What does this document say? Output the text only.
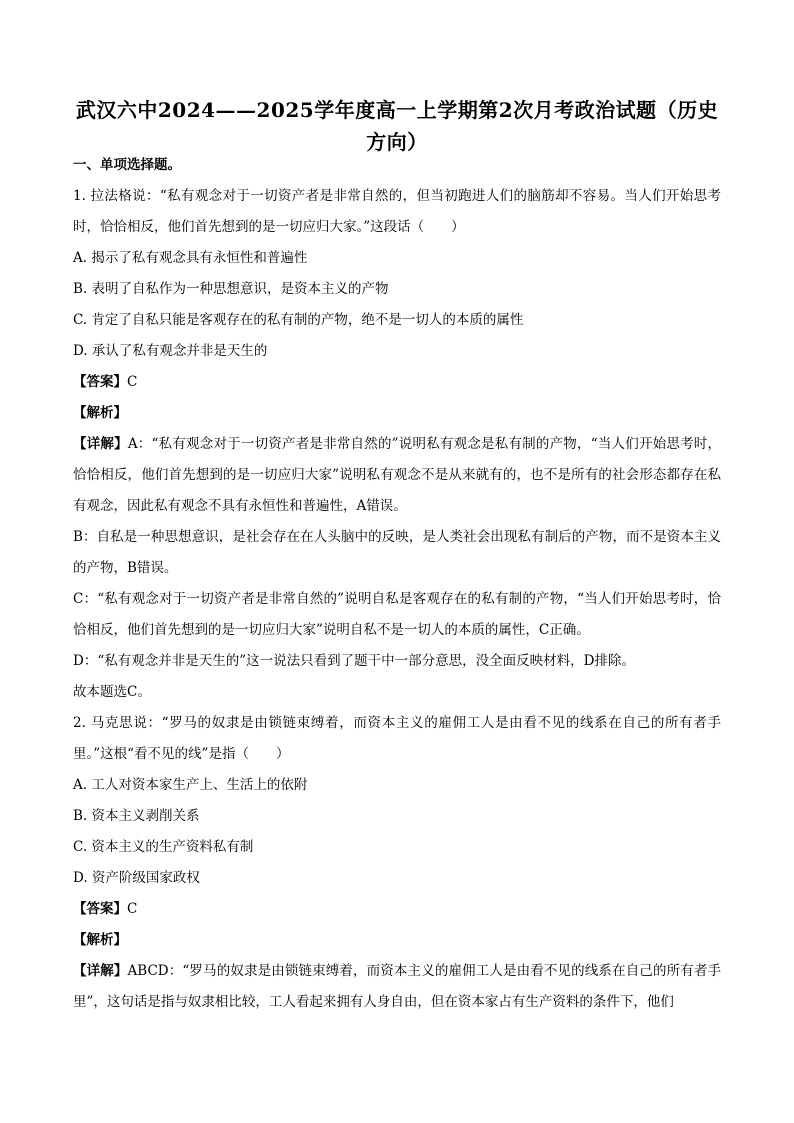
武汉六中2024——2025学年度高一上学期第2次月考政治试题（历史方向）

一、单项选择题。

1. 拉法格说：“私有观念对于一切资产者是非常自然的，但当初跑进人们的脑筋却不容易。当人们开始思考时，恰恰相反，他们首先想到的是一切应归大家。”这段话（　　）

A. 揭示了私有观念具有永恒性和普遍性

B. 表明了自私作为一种思想意识，是资本主义的产物

C. 肯定了自私只能是客观存在的私有制的产物，绝不是一切人的本质的属性

D. 承认了私有观念并非是天生的

【答案】C

【解析】

【详解】A：“私有观念对于一切资产者是非常自然的”说明私有观念是私有制的产物，“当人们开始思考时，恰恰相反，他们首先想到的是一切应归大家”说明私有观念不是从来就有的，也不是所有的社会形态都存在私有观念，因此私有观念不具有永恒性和普遍性，A错误。

B：自私是一种思想意识，是社会存在在人头脑中的反映，是人类社会出现私有制后的产物，而不是资本主义的产物，B错误。

C：“私有观念对于一切资产者是非常自然的”说明自私是客观存在的私有制的产物，“当人们开始思考时，恰恰相反，他们首先想到的是一切应归大家”说明自私不是一切人的本质的属性，C正确。

D：“私有观念并非是天生的”这一说法只看到了题干中一部分意思，没全面反映材料，D排除。

故本题选C。

2. 马克思说：“罗马的奴隶是由锁链束缚着，而资本主义的雇佣工人是由看不见的线系在自己的所有者手里。”这根“看不见的线”是指（　　）

A. 工人对资本家生产上、生活上的依附

B. 资本主义剥削关系

C. 资本主义的生产资料私有制

D. 资产阶级国家政权

【答案】C

【解析】

【详解】ABCD：“罗马的奴隶是由锁链束缚着，而资本主义的雇佣工人是由看不见的线系在自己的所有者手里”，这句话是指与奴隶相比较，工人看起来拥有人身自由，但在资本家占有生产资料的条件下，他们
